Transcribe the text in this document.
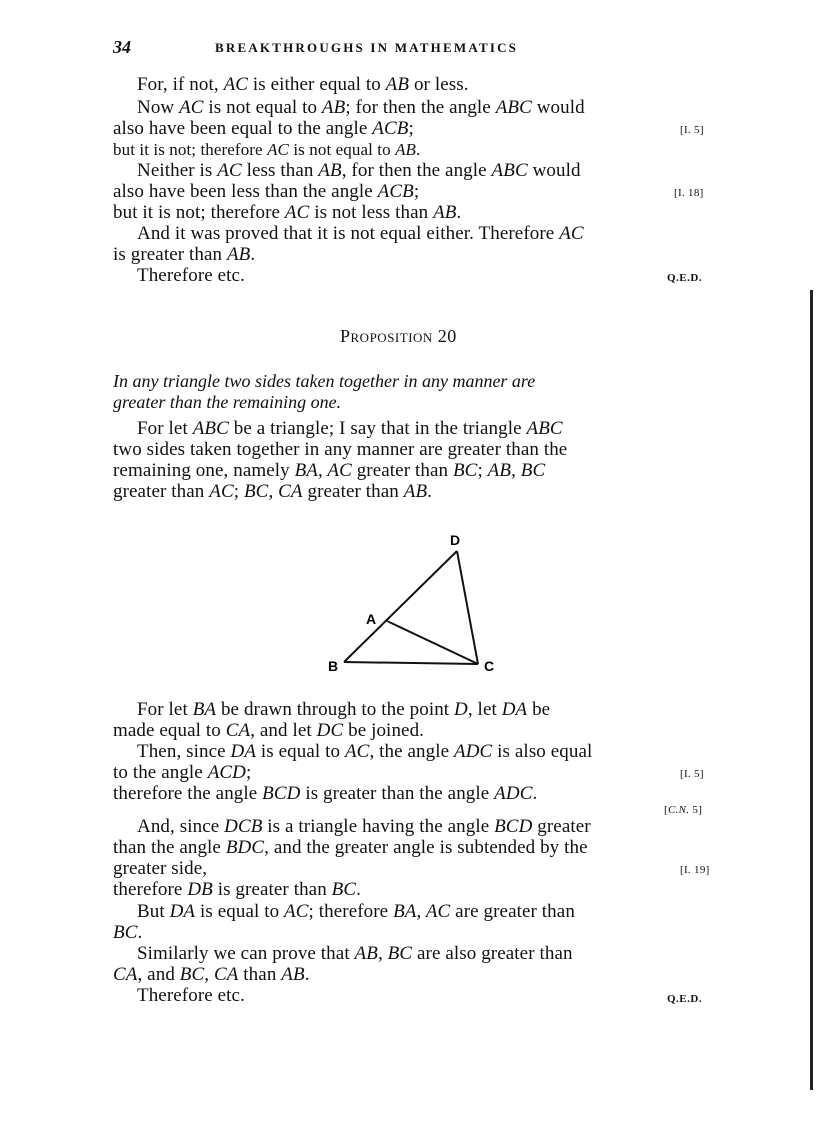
34	BREAKTHROUGHS IN MATHEMATICS
For, if not, AC is either equal to AB or less.
Now AC is not equal to AB; for then the angle ABC would
also have been equal to the angle ACB;	[I. 5]
but it is not; therefore AC is not equal to AB.
Neither is AC less than AB, for then the angle ABC would
also have been less than the angle ACB;	[I. 18]
but it is not; therefore AC is not less than AB.
And it was proved that it is not equal either. Therefore AC
is greater than AB.
Therefore etc.	Q.E.D.
Proposition 20
In any triangle two sides taken together in any manner are
greater than the remaining one.
For let ABC be a triangle; I say that in the triangle ABC
two sides taken together in any manner are greater than the
remaining one, namely BA, AC greater than BC; AB, BC
greater than AC; BC, CA greater than AB.
D
A
B	C
For let BA be drawn through to the point D, let DA be
made equal to CA, and let DC be joined.
Then, since DA is equal to AC, the angle ADC is also equal
to the angle ACD;	[I. 5]
therefore the angle BCD is greater than the angle ADC.
[C.N. 5]
And, since DCB is a triangle having the angle BCD greater
than the angle BDC, and the greater angle is subtended by the
greater side,	[I. 19]
therefore DB is greater than BC.
But DA is equal to AC; therefore BA, AC are greater than
BC.
Similarly we can prove that AB, BC are also greater than
CA, and BC, CA than AB.
Therefore etc.	Q.E.D.
